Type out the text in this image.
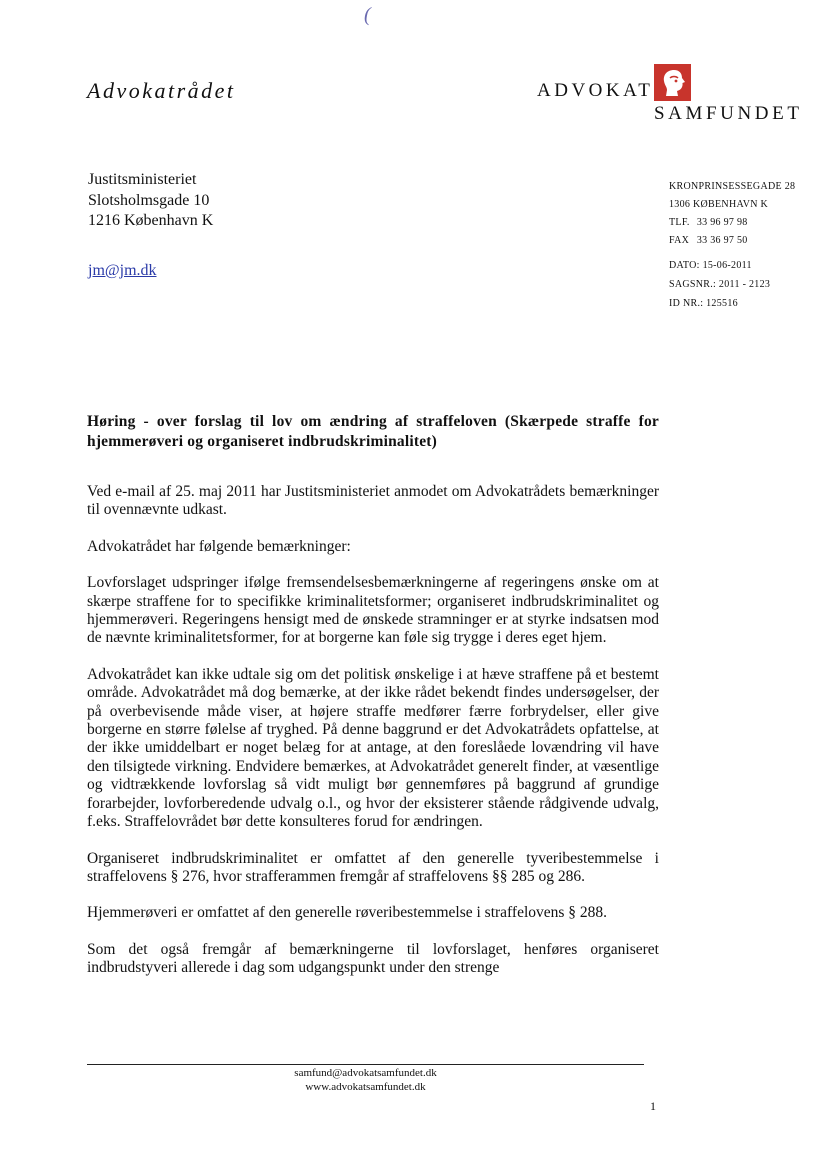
(
Advokatrådet	ADVOKAT
SAMFUNDET
Justitsministeriet
Slotsholmsgade 10
1216 København K
jm@jm.dk
KRONPRINSESSEGADE 28
1306 KØBENHAVN K
TLF. 33 96 97 98
FAX 33 36 97 50
DATO: 15-06-2011
SAGSNR.: 2011 - 2123
ID NR.: 125516

Høring - over forslag til lov om ændring af straffeloven (Skærpede straffe for hjemmerøveri og organiseret indbrudskriminalitet)

Ved e-mail af 25. maj 2011 har Justitsministeriet anmodet om Advokatrådets bemærkninger til ovennævnte udkast.

Advokatrådet har følgende bemærkninger:

Lovforslaget udspringer ifølge fremsendelsesbemærkningerne af regeringens ønske om at skærpe straffene for to specifikke kriminalitetsformer; organiseret indbrudskriminalitet og hjemmerøveri. Regeringens hensigt med de ønskede stramninger er at styrke indsatsen mod de nævnte kriminalitetsformer, for at borgerne kan føle sig trygge i deres eget hjem.

Advokatrådet kan ikke udtale sig om det politisk ønskelige i at hæve straffene på et bestemt område. Advokatrådet må dog bemærke, at der ikke rådet bekendt findes undersøgelser, der på overbevisende måde viser, at højere straffe medfører færre forbrydelser, eller give borgerne en større følelse af tryghed. På denne baggrund er det Advokatrådets opfattelse, at der ikke umiddelbart er noget belæg for at antage, at den foreslåede lovændring vil have den tilsigtede virkning. Endvidere bemærkes, at Advokatrådet generelt finder, at væsentlige og vidtrækkende lovforslag så vidt muligt bør gennemføres på baggrund af grundige forarbejder, lovforberedende udvalg o.l., og hvor der eksisterer stående rådgivende udvalg, f.eks. Straffelovrådet bør dette konsulteres forud for ændringen.

Organiseret indbrudskriminalitet er omfattet af den generelle tyveribestemmelse i straffelovens § 276, hvor strafferammen fremgår af straffelovens §§ 285 og 286.

Hjemmerøveri er omfattet af den generelle røveribestemmelse i straffelovens § 288.

Som det også fremgår af bemærkningerne til lovforslaget, henføres organiseret indbrudstyveri allerede i dag som udgangspunkt under den strenge

samfund@advokatsamfundet.dk
www.advokatsamfundet.dk
1
